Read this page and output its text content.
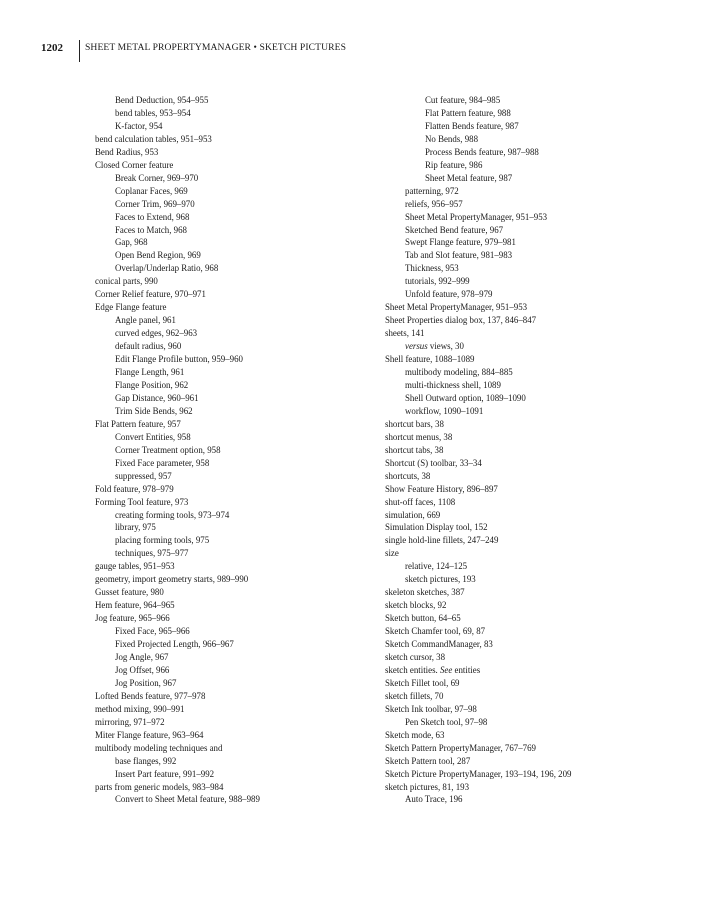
1202 SHEET METAL PROPERTYMANAGER • SKETCH PICTURES
Bend Deduction, 954–955
bend tables, 953–954
K-factor, 954
bend calculation tables, 951–953
Bend Radius, 953
Closed Corner feature
Break Corner, 969–970
Coplanar Faces, 969
Corner Trim, 969–970
Faces to Extend, 968
Faces to Match, 968
Gap, 968
Open Bend Region, 969
Overlap/Underlap Ratio, 968
conical parts, 990
Corner Relief feature, 970–971
Edge Flange feature
Angle panel, 961
curved edges, 962–963
default radius, 960
Edit Flange Profile button, 959–960
Flange Length, 961
Flange Position, 962
Gap Distance, 960–961
Trim Side Bends, 962
Flat Pattern feature, 957
Convert Entities, 958
Corner Treatment option, 958
Fixed Face parameter, 958
suppressed, 957
Fold feature, 978–979
Forming Tool feature, 973
creating forming tools, 973–974
library, 975
placing forming tools, 975
techniques, 975–977
gauge tables, 951–953
geometry, import geometry starts, 989–990
Gusset feature, 980
Hem feature, 964–965
Jog feature, 965–966
Fixed Face, 965–966
Fixed Projected Length, 966–967
Jog Angle, 967
Jog Offset, 966
Jog Position, 967
Lofted Bends feature, 977–978
method mixing, 990–991
mirroring, 971–972
Miter Flange feature, 963–964
multibody modeling techniques and
base flanges, 992
Insert Part feature, 991–992
parts from generic models, 983–984
Convert to Sheet Metal feature, 988–989
Cut feature, 984–985
Flat Pattern feature, 988
Flatten Bends feature, 987
No Bends, 988
Process Bends feature, 987–988
Rip feature, 986
Sheet Metal feature, 987
patterning, 972
reliefs, 956–957
Sheet Metal PropertyManager, 951–953
Sketched Bend feature, 967
Swept Flange feature, 979–981
Tab and Slot feature, 981–983
Thickness, 953
tutorials, 992–999
Unfold feature, 978–979
Sheet Metal PropertyManager, 951–953
Sheet Properties dialog box, 137, 846–847
sheets, 141
versus views, 30
Shell feature, 1088–1089
multibody modeling, 884–885
multi-thickness shell, 1089
Shell Outward option, 1089–1090
workflow, 1090–1091
shortcut bars, 38
shortcut menus, 38
shortcut tabs, 38
Shortcut (S) toolbar, 33–34
shortcuts, 38
Show Feature History, 896–897
shut-off faces, 1108
simulation, 669
Simulation Display tool, 152
single hold-line fillets, 247–249
size
relative, 124–125
sketch pictures, 193
skeleton sketches, 387
sketch blocks, 92
Sketch button, 64–65
Sketch Chamfer tool, 69, 87
Sketch CommandManager, 83
sketch cursor, 38
sketch entities. See entities
Sketch Fillet tool, 69
sketch fillets, 70
Sketch Ink toolbar, 97–98
Pen Sketch tool, 97–98
Sketch mode, 63
Sketch Pattern PropertyManager, 767–769
Sketch Pattern tool, 287
Sketch Picture PropertyManager, 193–194, 196, 209
sketch pictures, 81, 193
Auto Trace, 196
